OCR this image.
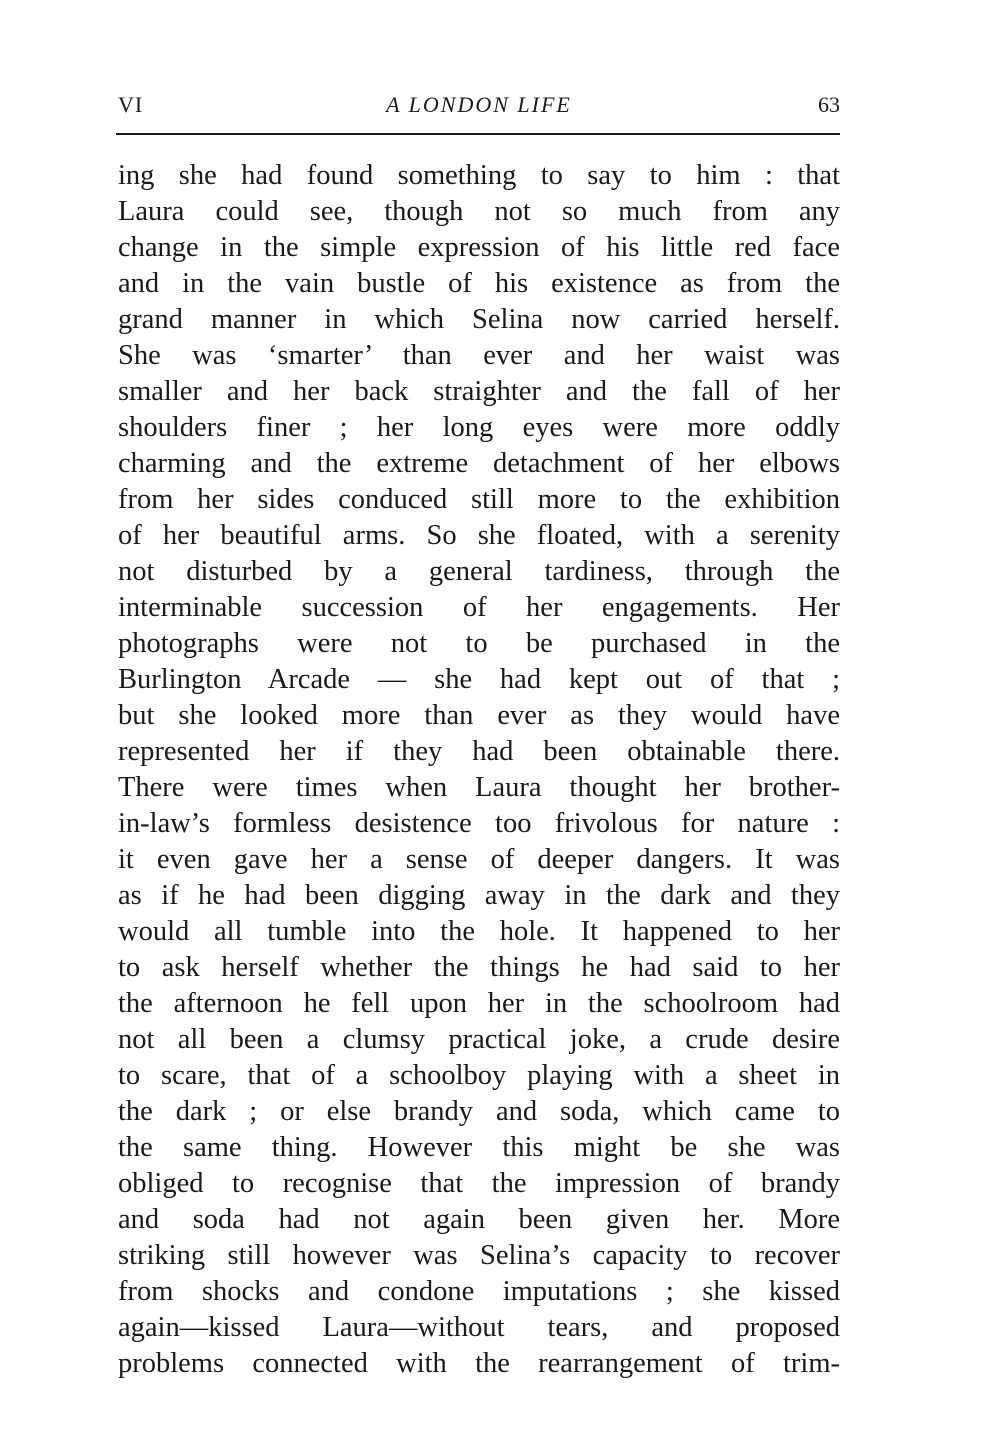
VI	A LONDON LIFE	63
ing she had found something to say to him : that
Laura could see, though not so much from any
change in the simple expression of his little red face
and in the vain bustle of his existence as from the
grand manner in which Selina now carried herself.
She was ‘smarter’ than ever and her waist was
smaller and her back straighter and the fall of her
shoulders finer ; her long eyes were more oddly
charming and the extreme detachment of her elbows
from her sides conduced still more to the exhibition
of her beautiful arms. So she floated, with a serenity
not disturbed by a general tardiness, through the
interminable succession of her engagements. Her
photographs were not to be purchased in the
Burlington Arcade — she had kept out of that ;
but she looked more than ever as they would have
represented her if they had been obtainable there.
There were times when Laura thought her brother-
in-law’s formless desistence too frivolous for nature :
it even gave her a sense of deeper dangers. It was
as if he had been digging away in the dark and they
would all tumble into the hole. It happened to her
to ask herself whether the things he had said to her
the afternoon he fell upon her in the schoolroom had
not all been a clumsy practical joke, a crude desire
to scare, that of a schoolboy playing with a sheet in
the dark ; or else brandy and soda, which came to
the same thing. However this might be she was
obliged to recognise that the impression of brandy
and soda had not again been given her. More
striking still however was Selina’s capacity to recover
from shocks and condone imputations ; she kissed
again—kissed Laura—without tears, and proposed
problems connected with the rearrangement of trim-
